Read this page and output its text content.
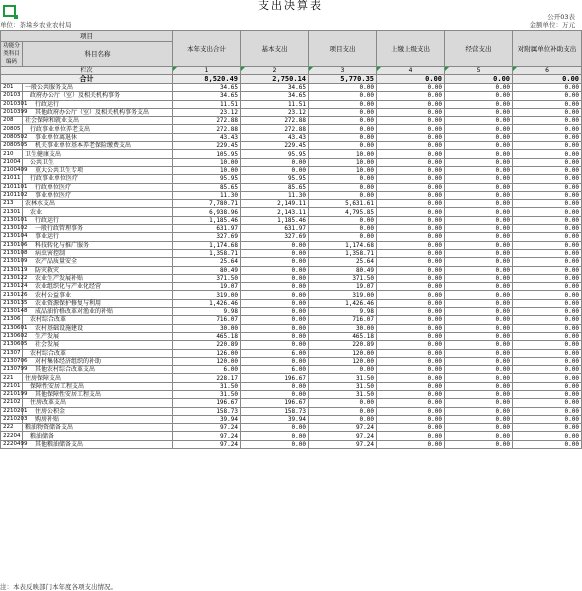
支出决算表
单位：茶垛乡农业农村局
公开03表
金额单位：万元
项目		本年支出合计	基本支出	项目支出	上缴上级支出	经营支出	对附属单位补助支出
功能分类科目编码	科目名称						
栏次		1	2	3	4	5	6
合计		8,520.49	2,750.14	5,770.35	0.00	0.00	0.00
201	一般公共服务支出	34.65	34.65	0.00	0.00	0.00	0.00
20103	政府办公厅（室）及相关机构事务	34.65	34.65	0.00	0.00	0.00	0.00
2010301	行政运行	11.51	11.51	0.00	0.00	0.00	0.00
2010399	其他政府办公厅（室）及相关机构事务支出	23.12	23.12	0.00	0.00	0.00	0.00
208	社会保障和就业支出	272.88	272.88	0.00	0.00	0.00	0.00
20805	行政事业单位养老支出	272.88	272.88	0.00	0.00	0.00	0.00
2080502	事业单位离退休	43.43	43.43	0.00	0.00	0.00	0.00
2080505	机关事业单位基本养老保险缴费支出	229.45	229.45	0.00	0.00	0.00	0.00
210	卫生健康支出	105.95	95.95	10.00	0.00	0.00	0.00
21004	公共卫生	10.00	0.00	10.00	0.00	0.00	0.00
2100409	重大公共卫生专项	10.00	0.00	10.00	0.00	0.00	0.00
21011	行政事业单位医疗	95.95	95.95	0.00	0.00	0.00	0.00
2101101	行政单位医疗	85.65	85.65	0.00	0.00	0.00	0.00
2101102	事业单位医疗	11.30	11.30	0.00	0.00	0.00	0.00
213	农林水支出	7,780.71	2,149.11	5,631.61	0.00	0.00	0.00
21301	农业	6,938.96	2,143.11	4,795.85	0.00	0.00	0.00
2130101	行政运行	1,185.46	1,185.46	0.00	0.00	0.00	0.00
2130102	一般行政管理事务	631.97	631.97	0.00	0.00	0.00	0.00
2130104	事业运行	327.69	327.69	0.00	0.00	0.00	0.00
2130106	科技转化与推广服务	1,174.68	0.00	1,174.68	0.00	0.00	0.00
2130108	病虫害控制	1,358.71	0.00	1,358.71	0.00	0.00	0.00
2130109	农产品质量安全	25.64	0.00	25.64	0.00	0.00	0.00
2130119	防灾救灾	80.49	0.00	80.49	0.00	0.00	0.00
2130122	农业生产发展补贴	371.50	0.00	371.50	0.00	0.00	0.00
2130124	农业组织化与产业化经营	19.07	0.00	19.07	0.00	0.00	0.00
2130126	农村公益事业	319.00	0.00	319.00	0.00	0.00	0.00
2130135	农业资源保护修复与利用	1,426.46	0.00	1,426.46	0.00	0.00	0.00
2130148	成品油价格改革对渔业的补贴	9.98	0.00	9.98	0.00	0.00	0.00
21306	农村综合改革	716.07	0.00	716.07	0.00	0.00	0.00
2130601	农村基础设施建设	30.00	0.00	30.00	0.00	0.00	0.00
2130602	生产发展	465.18	0.00	465.18	0.00	0.00	0.00
2130605	社会发展	220.89	0.00	220.89	0.00	0.00	0.00
21307	农村综合改革	126.00	6.00	120.00	0.00	0.00	0.00
2130706	对村集体经济组织的补助	120.00	0.00	120.00	0.00	0.00	0.00
2130799	其他农村综合改革支出	6.00	6.00	0.00	0.00	0.00	0.00
221	住房保障支出	228.17	196.67	31.50	0.00	0.00	0.00
22101	保障性安居工程支出	31.50	0.00	31.50	0.00	0.00	0.00
2210199	其他保障性安居工程支出	31.50	0.00	31.50	0.00	0.00	0.00
22102	住房改革支出	196.67	196.67	0.00	0.00	0.00	0.00
2210201	住房公积金	158.73	158.73	0.00	0.00	0.00	0.00
2210203	购房补贴	39.94	39.94	0.00	0.00	0.00	0.00
222	粮油物资储备支出	97.24	0.00	97.24	0.00	0.00	0.00
22204	粮油储备	97.24	0.00	97.24	0.00	0.00	0.00
2220499	其他粮油储备支出	97.24	0.00	97.24	0.00	0.00	0.00
注：本表反映部门本年度各项支出情况。
